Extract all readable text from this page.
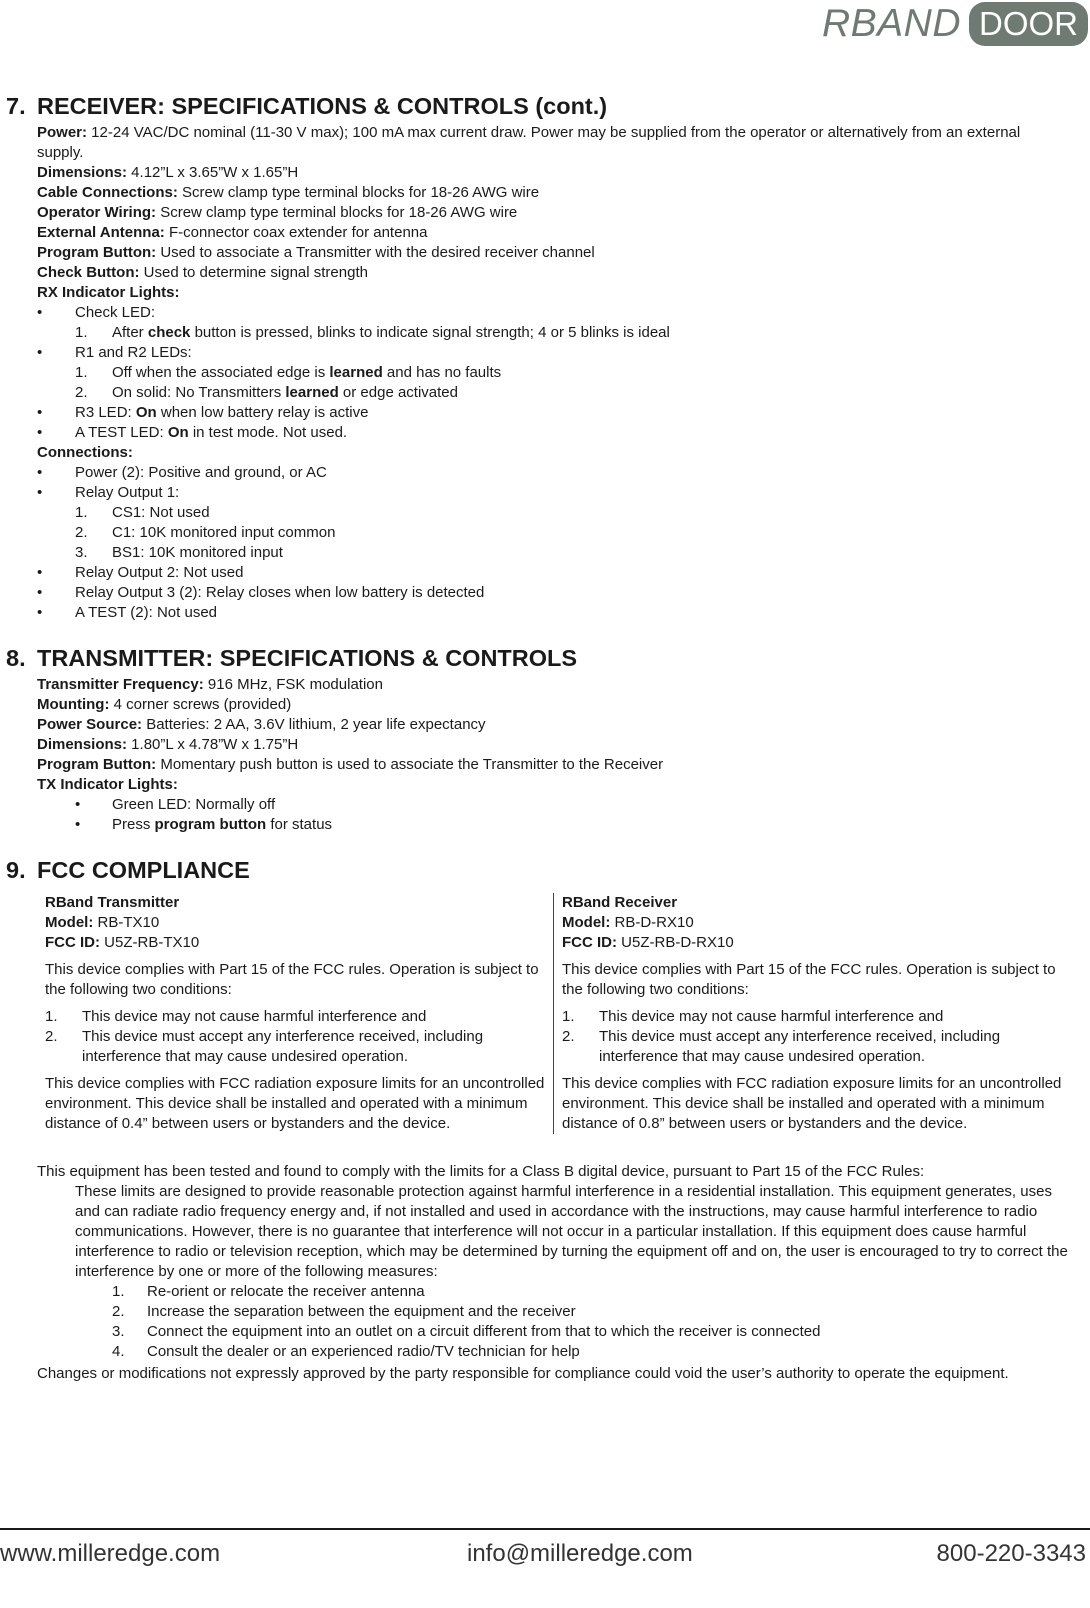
RBAND DOOR
7. RECEIVER: SPECIFICATIONS & CONTROLS (cont.)
Power: 12-24 VAC/DC nominal (11-30 V max); 100 mA max current draw. Power may be supplied from the operator or alternatively from an external supply.
Dimensions: 4.12”L x 3.65”W x 1.65”H
Cable Connections: Screw clamp type terminal blocks for 18-26 AWG wire
Operator Wiring: Screw clamp type terminal blocks for 18-26 AWG wire
External Antenna: F-connector coax extender for antenna
Program Button: Used to associate a Transmitter with the desired receiver channel
Check Button: Used to determine signal strength
RX Indicator Lights:
• Check LED:
1. After check button is pressed, blinks to indicate signal strength; 4 or 5 blinks is ideal
• R1 and R2 LEDs:
1. Off when the associated edge is learned and has no faults
2. On solid: No Transmitters learned or edge activated
• R3 LED: On when low battery relay is active
• A TEST LED: On in test mode. Not used.
Connections:
• Power (2): Positive and ground, or AC
• Relay Output 1:
1. CS1: Not used
2. C1: 10K monitored input common
3. BS1: 10K monitored input
• Relay Output 2: Not used
• Relay Output 3 (2): Relay closes when low battery is detected
• A TEST (2): Not used
8. TRANSMITTER: SPECIFICATIONS & CONTROLS
Transmitter Frequency: 916 MHz, FSK modulation
Mounting: 4 corner screws (provided)
Power Source: Batteries: 2 AA, 3.6V lithium, 2 year life expectancy
Dimensions: 1.80”L x 4.78”W x 1.75”H
Program Button: Momentary push button is used to associate the Transmitter to the Receiver
TX Indicator Lights:
• Green LED: Normally off
• Press program button for status
9. FCC COMPLIANCE

RBand Transmitter
Model: RB-TX10
FCC ID: U5Z-RB-TX10

This device complies with Part 15 of the FCC rules. Operation is subject to the following two conditions:

1. This device may not cause harmful interference and
2. This device must accept any interference received, including interference that may cause undesired operation.

This device complies with FCC radiation exposure limits for an uncontrolled environment. This device shall be installed and operated with a minimum distance of 0.4” between users or bystanders and the device.

RBand Receiver
Model: RB-D-RX10
FCC ID: U5Z-RB-D-RX10

This device complies with Part 15 of the FCC rules. Operation is subject to the following two conditions:

1. This device may not cause harmful interference and
2. This device must accept any interference received, including interference that may cause undesired operation.

This device complies with FCC radiation exposure limits for an uncontrolled environment. This device shall be installed and operated with a minimum distance of 0.8” between users or bystanders and the device.

This equipment has been tested and found to comply with the limits for a Class B digital device, pursuant to Part 15 of the FCC Rules:
These limits are designed to provide reasonable protection against harmful interference in a residential installation. This equipment generates, uses and can radiate radio frequency energy and, if not installed and used in accordance with the instructions, may cause harmful interference to radio communications. However, there is no guarantee that interference will not occur in a particular installation. If this equipment does cause harmful interference to radio or television reception, which may be determined by turning the equipment off and on, the user is encouraged to try to correct the interference by one or more of the following measures:
1. Re-orient or relocate the receiver antenna
2. Increase the separation between the equipment and the receiver
3. Connect the equipment into an outlet on a circuit different from that to which the receiver is connected
4. Consult the dealer or an experienced radio/TV technician for help
Changes or modifications not expressly approved by the party responsible for compliance could void the user’s authority to operate the equipment.
www.milleredge.com	info@milleredge.com	800-220-3343
